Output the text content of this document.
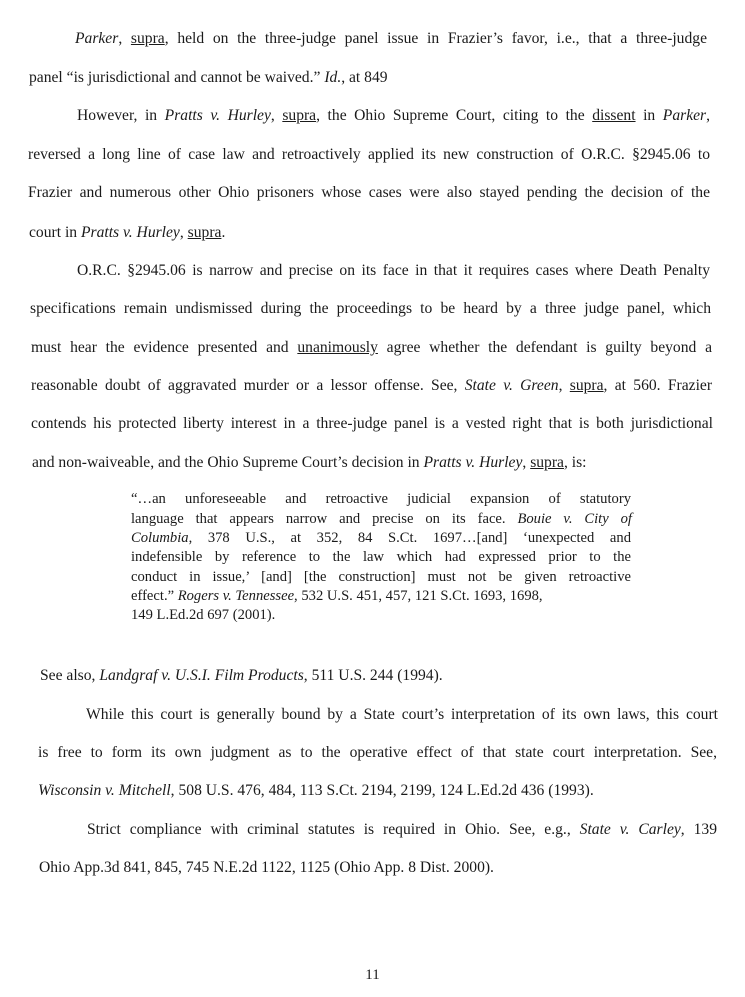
Parker, supra, held on the three-judge panel issue in Frazier’s favor, i.e., that a three-judge
panel “is jurisdictional and cannot be waived.” Id., at 849
However, in Pratts v. Hurley, supra, the Ohio Supreme Court, citing to the dissent in Parker,
reversed a long line of case law and retroactively applied its new construction of O.R.C. §2945.06 to
Frazier and numerous other Ohio prisoners whose cases were also stayed pending the decision of the
court in Pratts v. Hurley, supra.
O.R.C. §2945.06 is narrow and precise on its face in that it requires cases where Death Penalty
specifications remain undismissed during the proceedings to be heard by a three judge panel, which
must hear the evidence presented and unanimously agree whether the defendant is guilty beyond a
reasonable doubt of aggravated murder or a lessor offense. See, State v. Green, supra, at 560. Frazier
contends his protected liberty interest in a three-judge panel is a vested right that is both jurisdictional
and non-waiveable, and the Ohio Supreme Court’s decision in Pratts v. Hurley, supra, is:
“…an unforeseeable and retroactive judicial expansion of statutory
language that appears narrow and precise on its face. Bouie v. City of
Columbia, 378 U.S., at 352, 84 S.Ct. 1697…[and] ‘unexpected and
indefensible by reference to the law which had expressed prior to the
conduct in issue,’ [and] [the construction] must not be given retroactive
effect.” Rogers v. Tennessee, 532 U.S. 451, 457, 121 S.Ct. 1693, 1698,
149 L.Ed.2d 697 (2001).
See also, Landgraf v. U.S.I. Film Products, 511 U.S. 244 (1994).
While this court is generally bound by a State court’s interpretation of its own laws, this court
is free to form its own judgment as to the operative effect of that state court interpretation. See,
Wisconsin v. Mitchell, 508 U.S. 476, 484, 113 S.Ct. 2194, 2199, 124 L.Ed.2d 436 (1993).
Strict compliance with criminal statutes is required in Ohio. See, e.g., State v. Carley, 139
Ohio App.3d 841, 845, 745 N.E.2d 1122, 1125 (Ohio App. 8 Dist. 2000).
11
